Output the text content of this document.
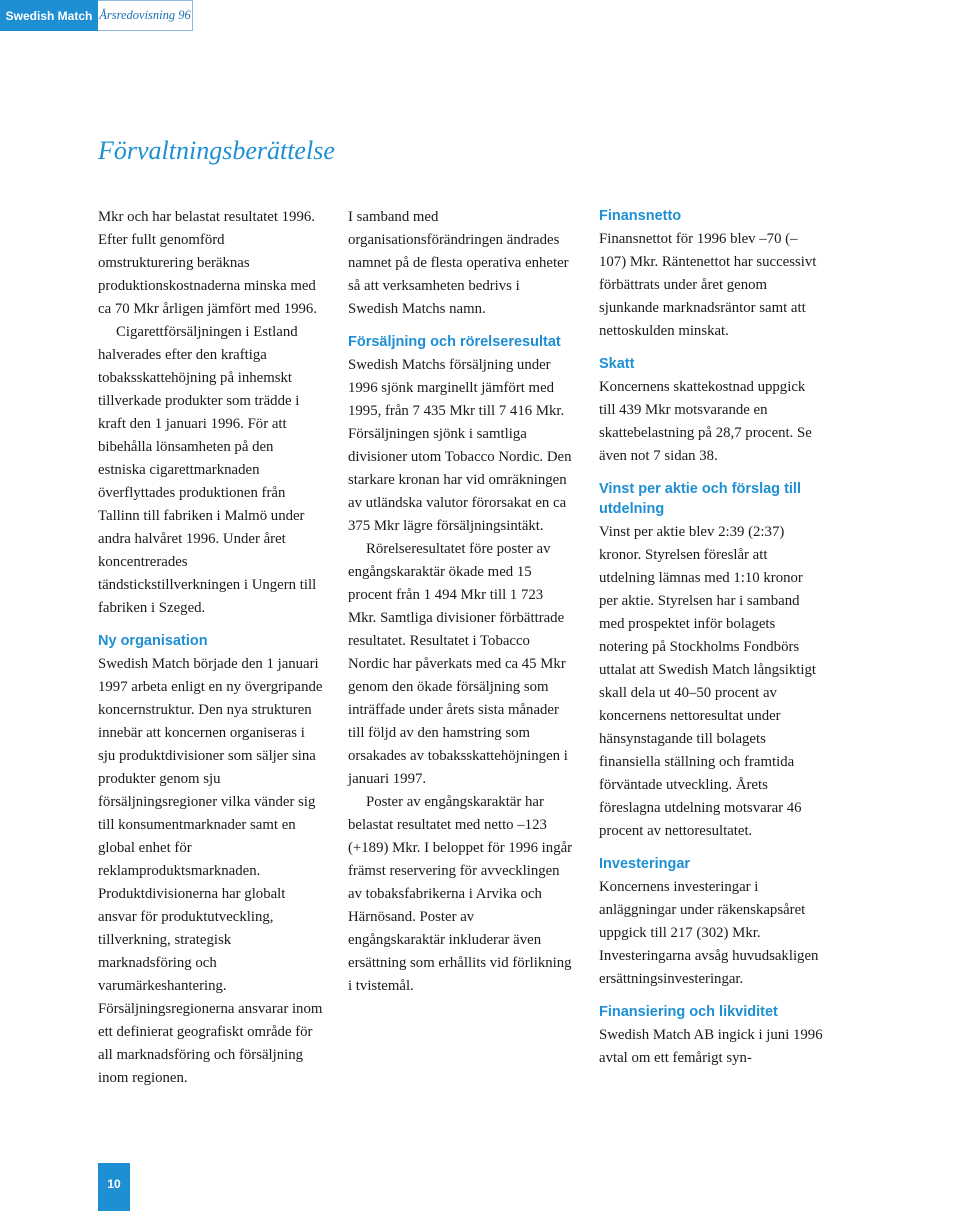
Swedish Match Årsredovisning 96
Förvaltningsberättelse

Mkr och har belastat resultatet 1996. Efter fullt genomförd omstrukturering beräknas produktionskostnaderna minska med ca 70 Mkr årligen jämfört med 1996.

Cigarettförsäljningen i Estland halverades efter den kraftiga tobaksskattehöjning på inhemskt tillverkade produkter som trädde i kraft den 1 januari 1996. För att bibehålla lönsamheten på den estniska cigarettmarknaden överflyttades produktionen från Tallinn till fabriken i Malmö under andra halvåret 1996. Under året koncentrerades tändstickstillverkningen i Ungern till fabriken i Szeged.

Ny organisation

Swedish Match började den 1 januari 1997 arbeta enligt en ny övergripande koncernstruktur. Den nya strukturen innebär att koncernen organiseras i sju produktdivisioner som säljer sina produkter genom sju försäljningsregioner vilka vänder sig till konsumentmarknader samt en global enhet för reklamproduktsmarknaden. Produktdivisionerna har globalt ansvar för produktutveckling, tillverkning, strategisk marknadsföring och varumärkeshantering. Försäljningsregionerna ansvarar inom ett definierat geografiskt område för all marknadsföring och försäljning inom regionen.

I samband med organisationsförändringen ändrades namnet på de flesta operativa enheter så att verksamheten bedrivs i Swedish Matchs namn.

Försäljning och rörelseresultat

Swedish Matchs försäljning under 1996 sjönk marginellt jämfört med 1995, från 7 435 Mkr till 7 416 Mkr. Försäljningen sjönk i samtliga divisioner utom Tobacco Nordic. Den starkare kronan har vid omräkningen av utländska valutor förorsakat en ca 375 Mkr lägre försäljningsintäkt.

Rörelseresultatet före poster av engångskaraktär ökade med 15 procent från 1 494 Mkr till 1 723 Mkr. Samtliga divisioner förbättrade resultatet. Resultatet i Tobacco Nordic har påverkats med ca 45 Mkr genom den ökade försäljning som inträffade under årets sista månader till följd av den hamstring som orsakades av tobaksskattehöjningen i januari 1997.

Poster av engångskaraktär har belastat resultatet med netto –123 (+189) Mkr. I beloppet för 1996 ingår främst reservering för avvecklingen av tobaksfabrikerna i Arvika och Härnösand. Poster av engångskaraktär inkluderar även ersättning som erhållits vid förlikning i tvistemål.

Finansnetto

Finansnettot för 1996 blev –70 (–107) Mkr. Räntenettot har successivt förbättrats under året genom sjunkande marknadsräntor samt att nettoskulden minskat.

Skatt

Koncernens skattekostnad uppgick till 439 Mkr motsvarande en skattebelastning på 28,7 procent. Se även not 7 sidan 38.

Vinst per aktie och förslag till utdelning

Vinst per aktie blev 2:39 (2:37) kronor. Styrelsen föreslår att utdelning lämnas med 1:10 kronor per aktie. Styrelsen har i samband med prospektet inför bolagets notering på Stockholms Fondbörs uttalat att Swedish Match långsiktigt skall dela ut 40–50 procent av koncernens nettoresultat under hänsynstagande till bolagets finansiella ställning och framtida förväntade utveckling. Årets föreslagna utdelning motsvarar 46 procent av nettoresultatet.

Investeringar

Koncernens investeringar i anläggningar under räkenskapsåret uppgick till 217 (302) Mkr. Investeringarna avsåg huvudsakligen ersättningsinvesteringar.

Finansiering och likviditet

Swedish Match AB ingick i juni 1996 avtal om ett femårigt syn-

10
